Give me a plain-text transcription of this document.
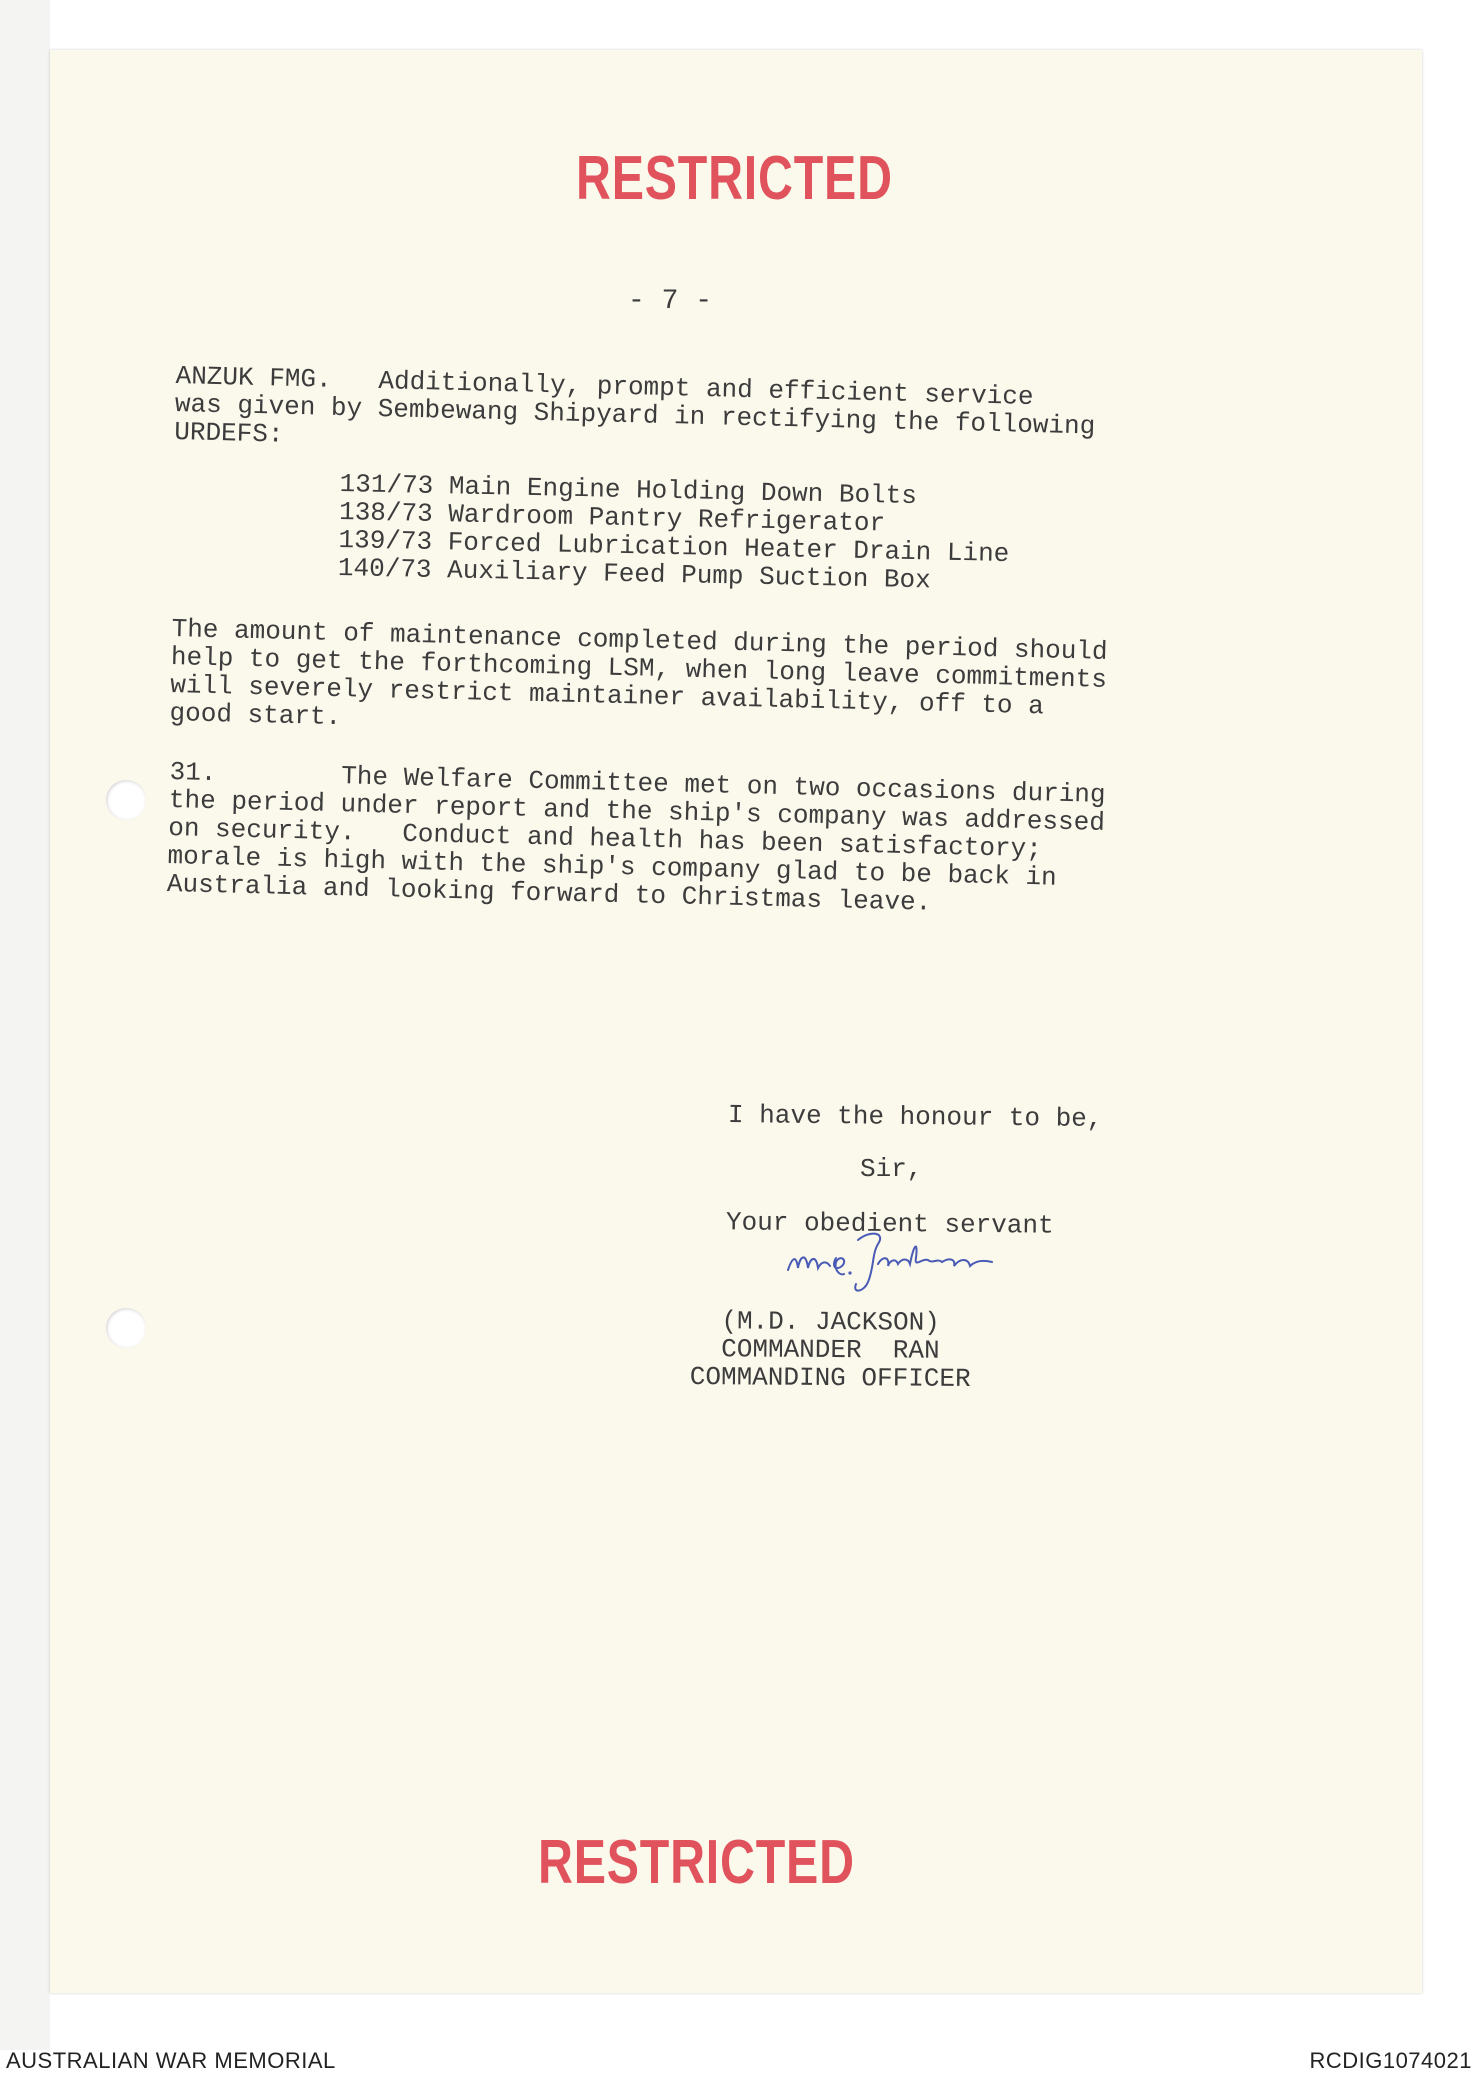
RESTRICTED
- 7 -
ANZUK FMG.   Additionally, prompt and efficient service
was given by Sembewang Shipyard in rectifying the following
URDEFS:
131/73 Main Engine Holding Down Bolts
138/73 Wardroom Pantry Refrigerator
139/73 Forced Lubrication Heater Drain Line
140/73 Auxiliary Feed Pump Suction Box
The amount of maintenance completed during the period should
help to get the forthcoming LSM, when long leave commitments
will severely restrict maintainer availability, off to a
good start.
31.        The Welfare Committee met on two occasions during
the period under report and the ship's company was addressed
on security.   Conduct and health has been satisfactory;
morale is high with the ship's company glad to be back in
Australia and looking forward to Christmas leave.
I have the honour to be,
Sir,
Your obedient servant
(M.D. JACKSON)
COMMANDER  RAN
COMMANDING OFFICER
RESTRICTED
AUSTRALIAN WAR MEMORIAL	RCDIG1074021
